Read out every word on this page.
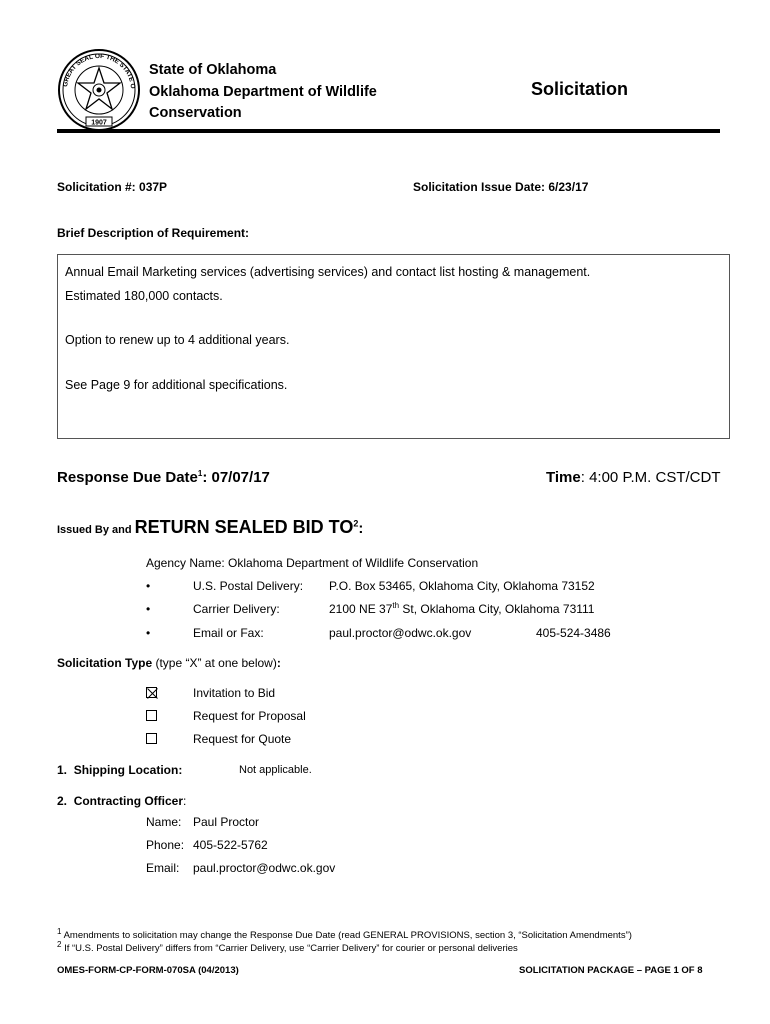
GREAT SEAL OF THE STATE O
1907
State of Oklahoma
Oklahoma Department of Wildlife
Conservation
Solicitation
Solicitation #: 037P	Solicitation Issue Date: 6/23/17
Brief Description of Requirement:
Annual Email Marketing services (advertising services) and contact list hosting & management.
Estimated 180,000 contacts.
Option to renew up to 4 additional years.
See Page 9 for additional specifications.
Response Due Date$^1$: 07/07/17	Time: 4:00 P.M. CST/CDT
Issued By and RETURN SEALED BID $TO^2$:
Agency Name: Oklahoma Department of Wildlife Conservation
•	U.S. Postal Delivery: P.O. Box 53465, Oklahoma City, Oklahoma 73152
•	Carrier Delivery:	2100 NE 37th St, Oklahoma City, Oklahoma 73111
•	Email or Fax:	paul.proctor@odwc.ok.gov	405-524-3486
Solicitation Type (type “X” at one below):
Invitation to Bid
Request for Proposal
Request for Quote
1. Shipping Location:	Not applicable.
2. Contracting Officer:
Name: Paul Proctor
Phone: 405-522-5762
Email: paul.proctor@odwc.ok.gov
$^1$ Amendments to solicitation may change the Response Due Date (read GENERAL PROVISIONS, section 3, “Solicitation Amendments”)
$^2$ If “U.S. Postal Delivery” differs from “Carrier Delivery, use “Carrier Delivery” for courier or personal deliveries
OMES-FORM-CP-FORM-070SA (04/2013)	SOLICITATION PACKAGE – PAGE 1 OF 8
